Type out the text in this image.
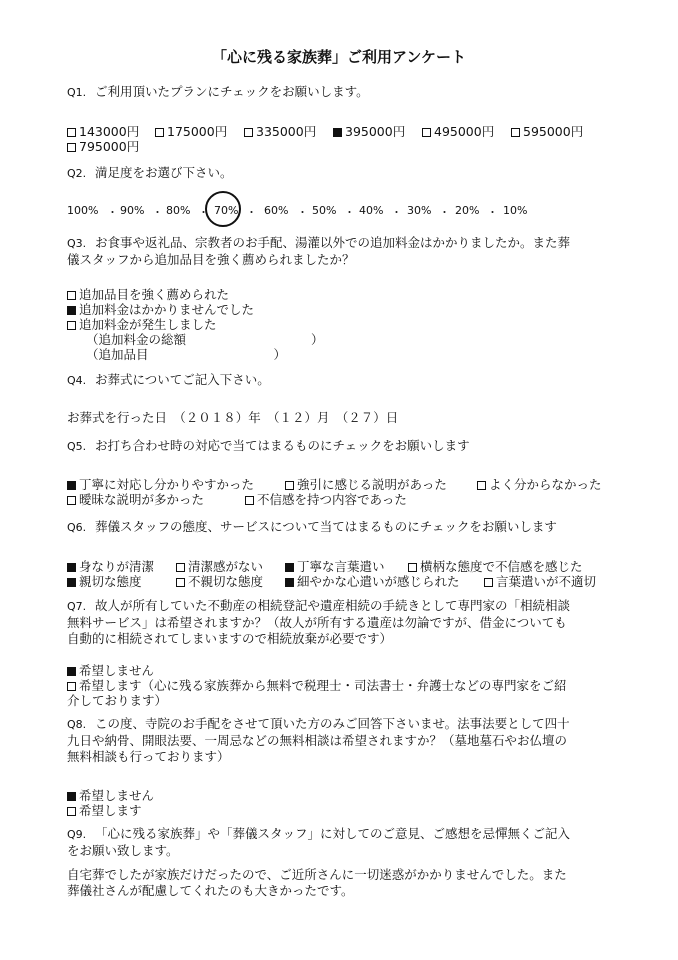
「心に残る家族葬」ご利用アンケート
Q1. ご利用頂いたプランにチェックをお願いします。
143000円	175000円	335000円	395000円	495000円	595000円
795000円
Q2. 満足度をお選び下さい。
100% ・ 90% ・ 80% ・ 70% ・ 60% ・ 50% ・ 40% ・ 30% ・ 20% ・ 10%
Q3. お食事や返礼品、宗教者のお手配、湯灌以外での追加料金はかかりましたか。また葬
儀スタッフから追加品目を強く薦められましたか？
追加品目を強く薦められた
追加料金はかかりませんでした
追加料金が発生しました
（追加料金の総額　　　　　　　　　　）
（追加品目　　　　　　　　　　）
Q4. お葬式についてご記入下さい。
お葬式を行った日　（２０１８）年　（１２）月　（２７）日
Q5. お打ち合わせ時の対応で当てはまるものにチェックをお願いします
丁寧に対応し分かりやすかった	強引に感じる説明があった	よく分からなかった
曖昧な説明が多かった	不信感を持つ内容であった
Q6. 葬儀スタッフの態度、サービスについて当てはまるものにチェックをお願いします
身なりが清潔	清潔感がない	丁寧な言葉遣い	横柄な態度で不信感を感じた
親切な態度	不親切な態度	細やかな心遣いが感じられた	言葉遣いが不適切
Q7. 故人が所有していた不動産の相続登記や遺産相続の手続きとして専門家の「相続相談
無料サービス」は希望されますか？（故人が所有する遺産は勿論ですが、借金についても
自動的に相続されてしまいますので相続放棄が必要です）
希望しません
希望します（心に残る家族葬から無料で税理士・司法書士・弁護士などの専門家をご紹
介しております）
Q8. この度、寺院のお手配をさせて頂いた方のみご回答下さいませ。法事法要として四十
九日や納骨、開眼法要、一周忌などの無料相談は希望されますか？（墓地墓石やお仏壇の
無料相談も行っております）
希望しません
希望します
Q9. 「心に残る家族葬」や「葬儀スタッフ」に対してのご意見、ご感想を忌憚無くご記入
をお願い致します。
自宅葬でしたが家族だけだったので、ご近所さんに一切迷惑がかかりませんでした。また
葬儀社さんが配慮してくれたのも大きかったです。
